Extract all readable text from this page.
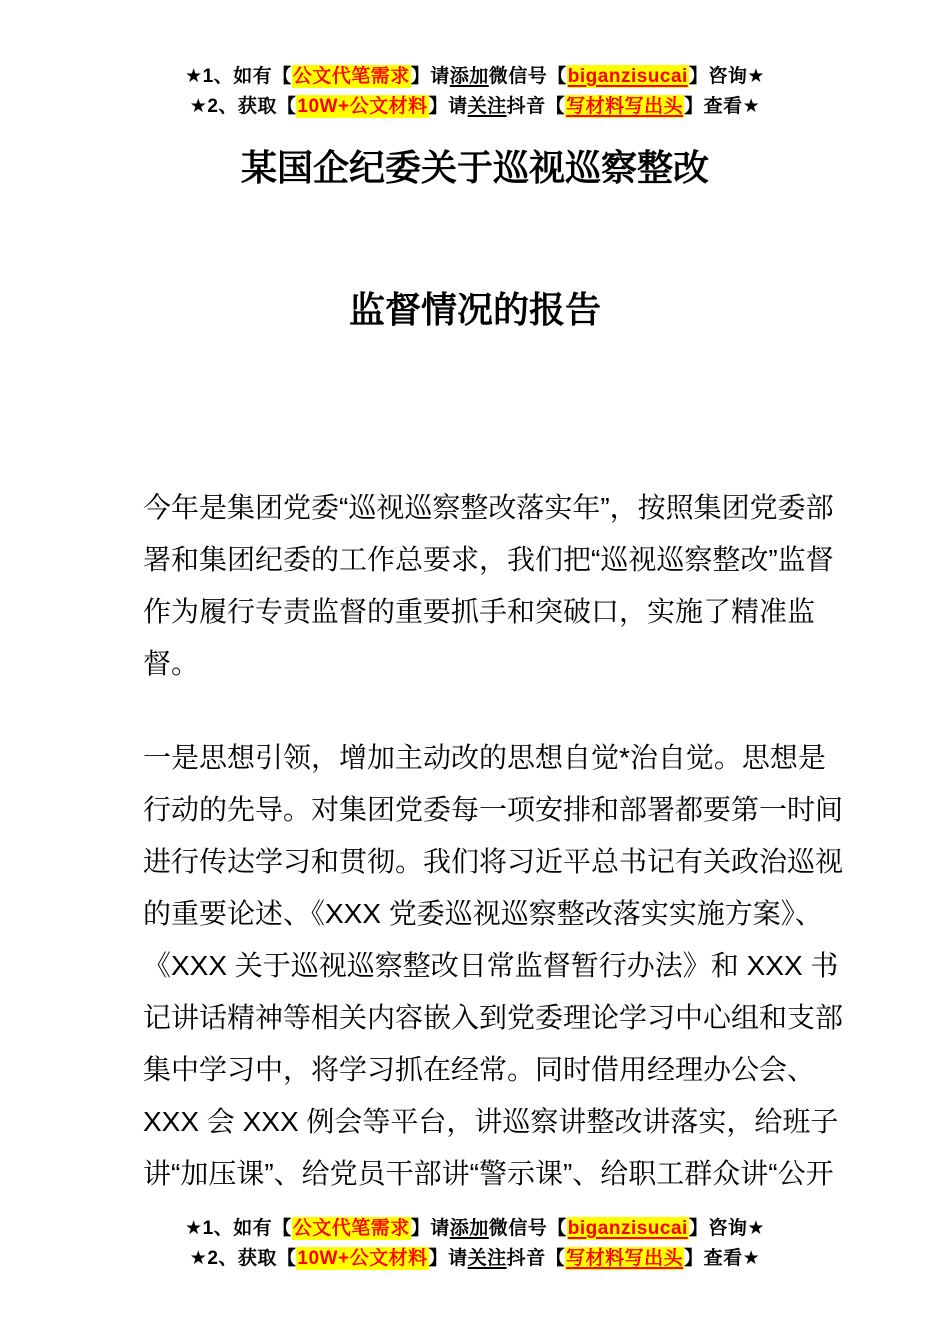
★1、如有【公文代笔需求】请添加微信号【biganzisucai】咨询★
★2、获取【10W+公文材料】请关注抖音【写材料写出头】查看★
某国企纪委关于巡视巡察整改
监督情况的报告

今年是集团党委“巡视巡察整改落实年”，按照集团党委部署和集团纪委的工作总要求，我们把“巡视巡察整改”监督作为履行专责监督的重要抓手和突破口，实施了精准监督。

一是思想引领，增加主动改的思想自觉*治自觉。思想是行动的先导。对集团党委每一项安排和部署都要第一时间进行传达学习和贯彻。我们将习近平总书记有关政治巡视的重要论述、《XXX 党委巡视巡察整改落实实施方案》、《XXX 关于巡视巡察整改日常监督暂行办法》和 XXX 书记讲话精神等相关内容嵌入到党委理论学习中心组和支部集中学习中，将学习抓在经常。同时借用经理办公会、XXX 会 XXX 例会等平台，讲巡察讲整改讲落实，给班子讲“加压课”、给党员干部讲“警示课”、给职工群众讲“公开

★1、如有【公文代笔需求】请添加微信号【biganzisucai】咨询★
★2、获取【10W+公文材料】请关注抖音【写材料写出头】查看★
